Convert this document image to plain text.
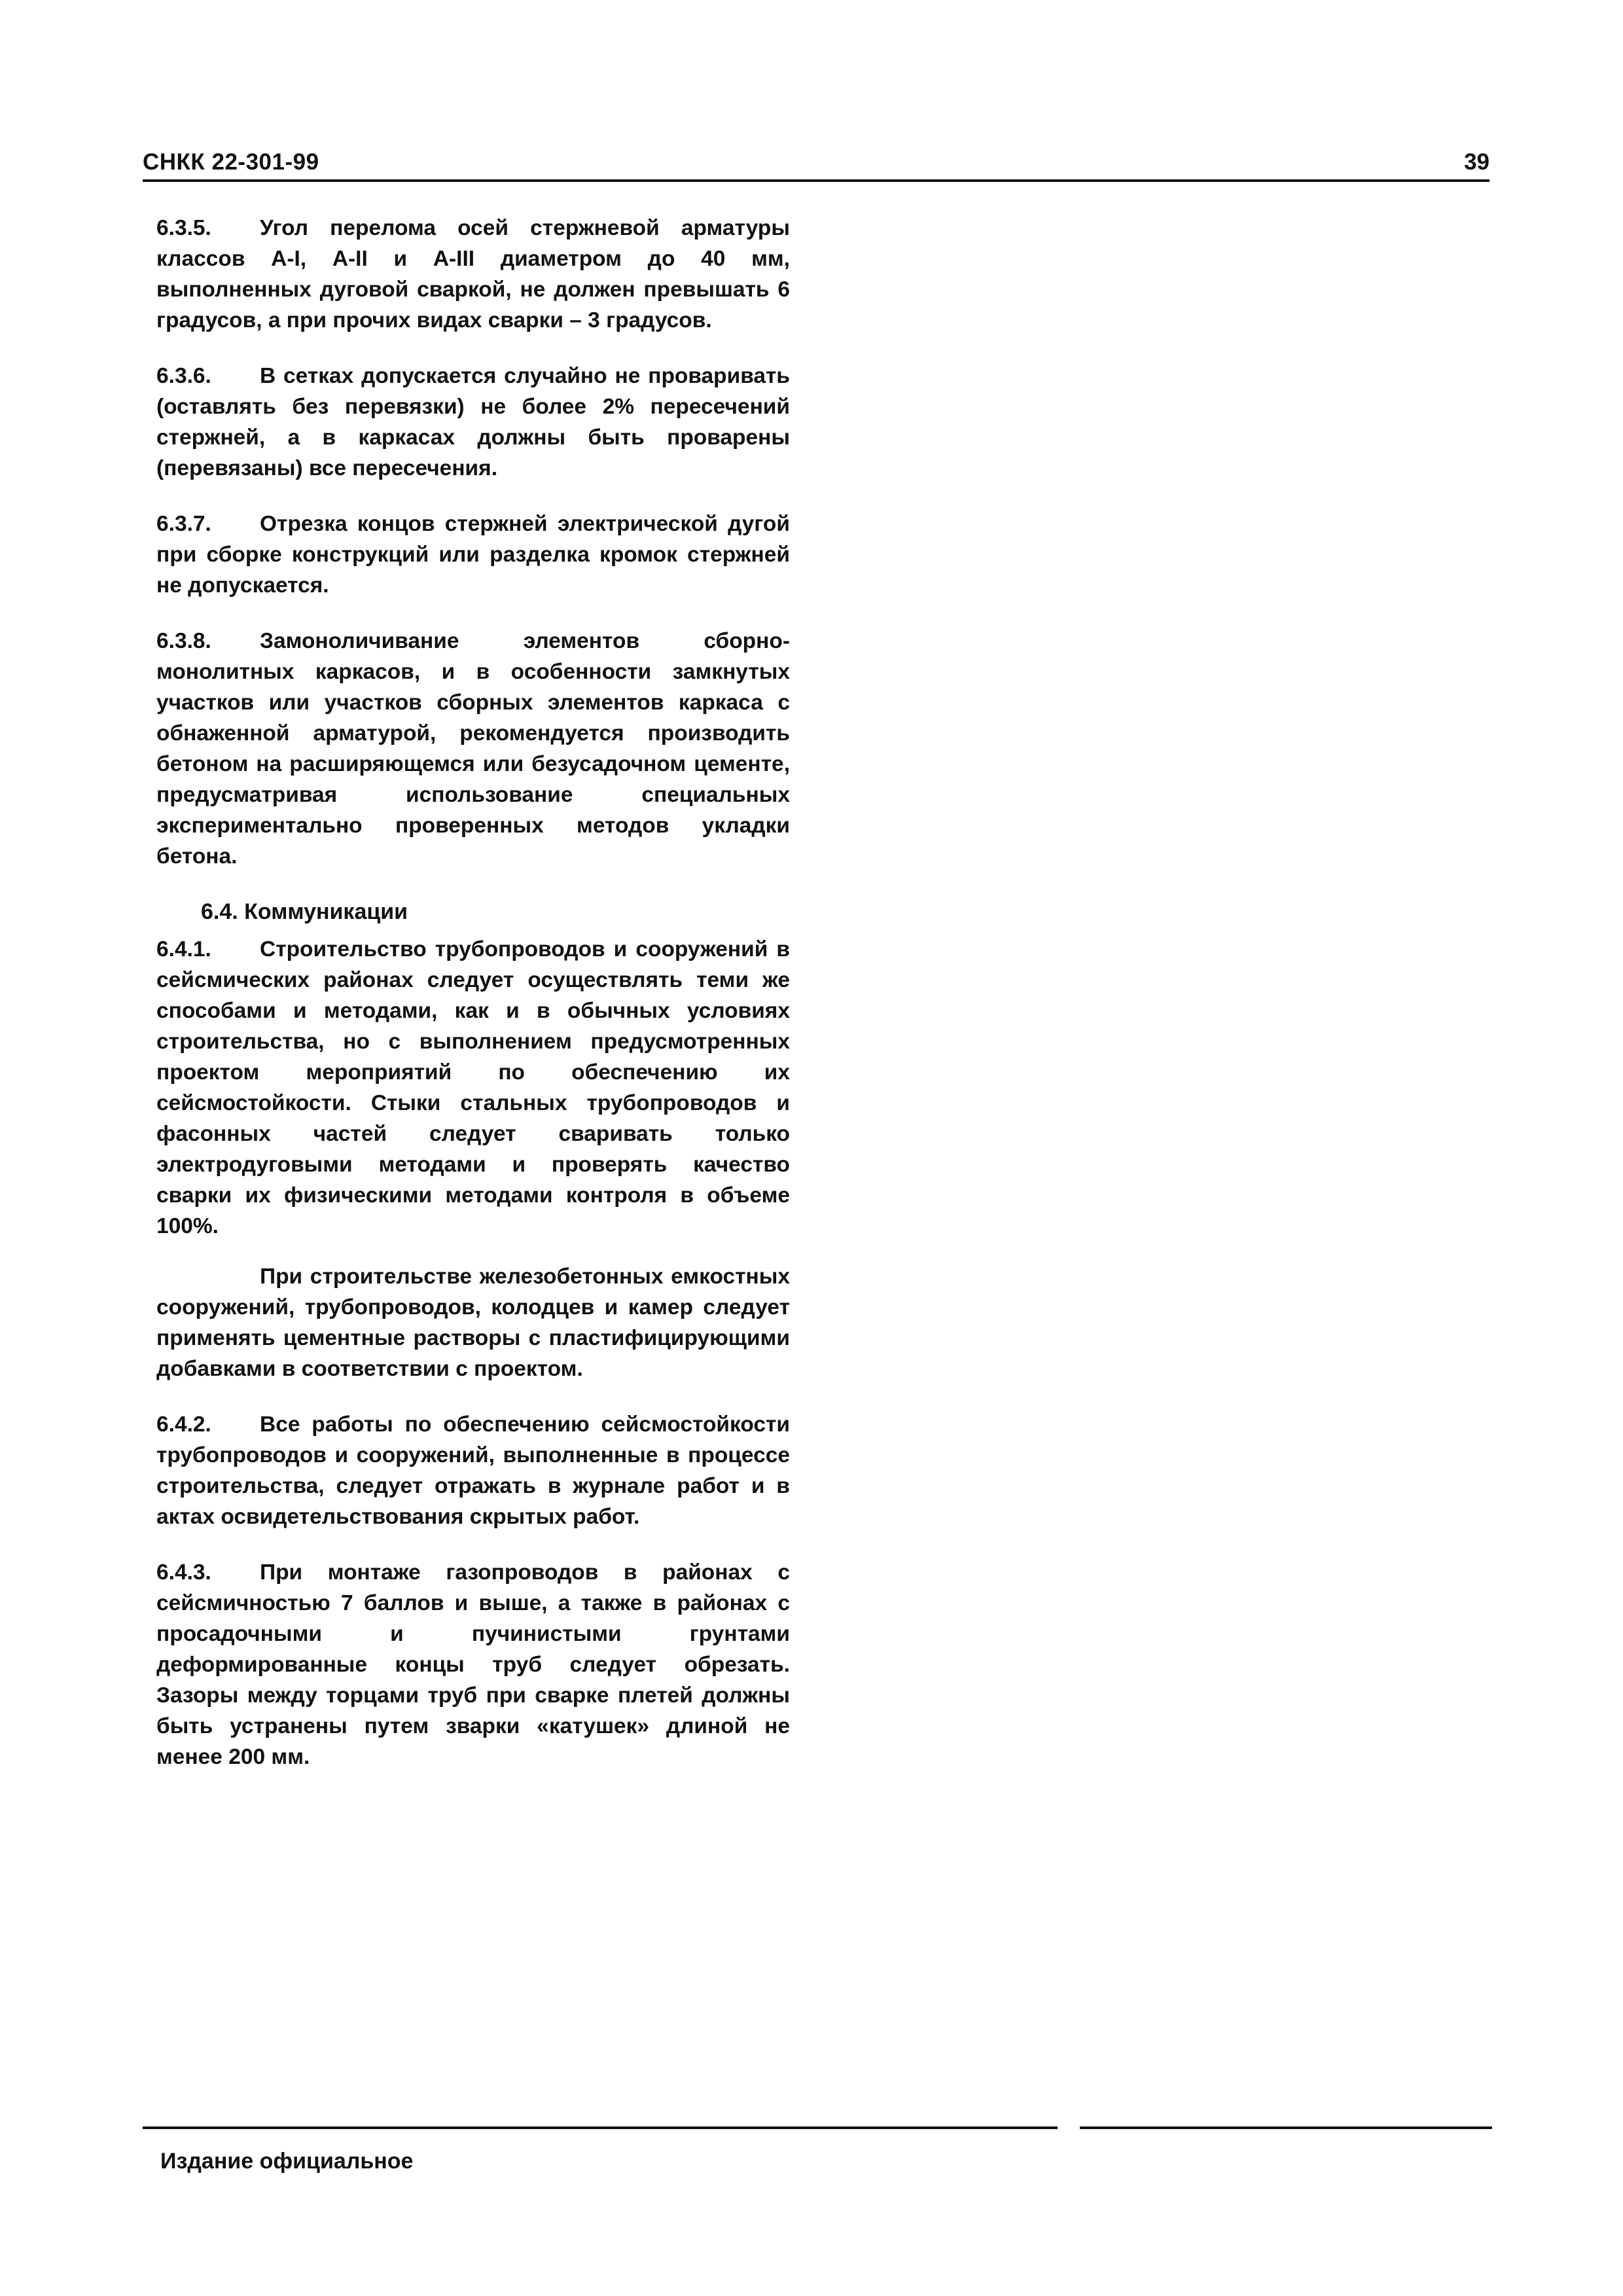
СНКК 22-301-99	39

6.3.5. Угол перелома осей стержневой арматуры классов А-I, А-II и А-III диаметром до 40 мм, выполненных дуговой сваркой, не должен превышать 6 градусов, а при прочих видах сварки – 3 градусов.

6.3.6. В сетках допускается случайно не проваривать (оставлять без перевязки) не более 2% пересечений стержней, а в каркасах должны быть проварены (перевязаны) все пересечения.

6.3.7. Отрезка концов стержней электрической дугой при сборке конструкций или разделка кромок стержней не допускается.

6.3.8. Замоноличивание элементов сборно-монолитных каркасов, и в особенности замкнутых участков или участков сборных элементов каркаса с обнаженной арматурой, рекомендуется производить бетоном на расширяющемся или безусадочном цементе, предусматривая использование специальных экспериментально проверенных методов укладки бетона.

6.4. Коммуникации

6.4.1. Строительство трубопроводов и сооружений в сейсмических районах следует осуществлять теми же способами и методами, как и в обычных условиях строительства, но с выполнением предусмотренных проектом мероприятий по обеспечению их сейсмостойкости. Стыки стальных трубопроводов и фасонных частей следует сваривать только электродуговыми методами и проверять качество сварки их физическими методами контроля в объеме 100%.

При строительстве железобетонных емкостных сооружений, трубопроводов, колодцев и камер следует применять цементные растворы с пластифицирующими добавками в соответствии с проектом.

6.4.2. Все работы по обеспечению сейсмостойкости трубопроводов и сооружений, выполненные в процессе строительства, следует отражать в журнале работ и в актах освидетельствования скрытых работ.

6.4.3. При монтаже газопроводов в районах с сейсмичностью 7 баллов и выше, а также в районах с просадочными и пучинистыми грунтами деформированные концы труб следует обрезать. Зазоры между торцами труб при сварке плетей должны быть устранены путем зварки «катушек» длиной не менее 200 мм.

Издание официальное
